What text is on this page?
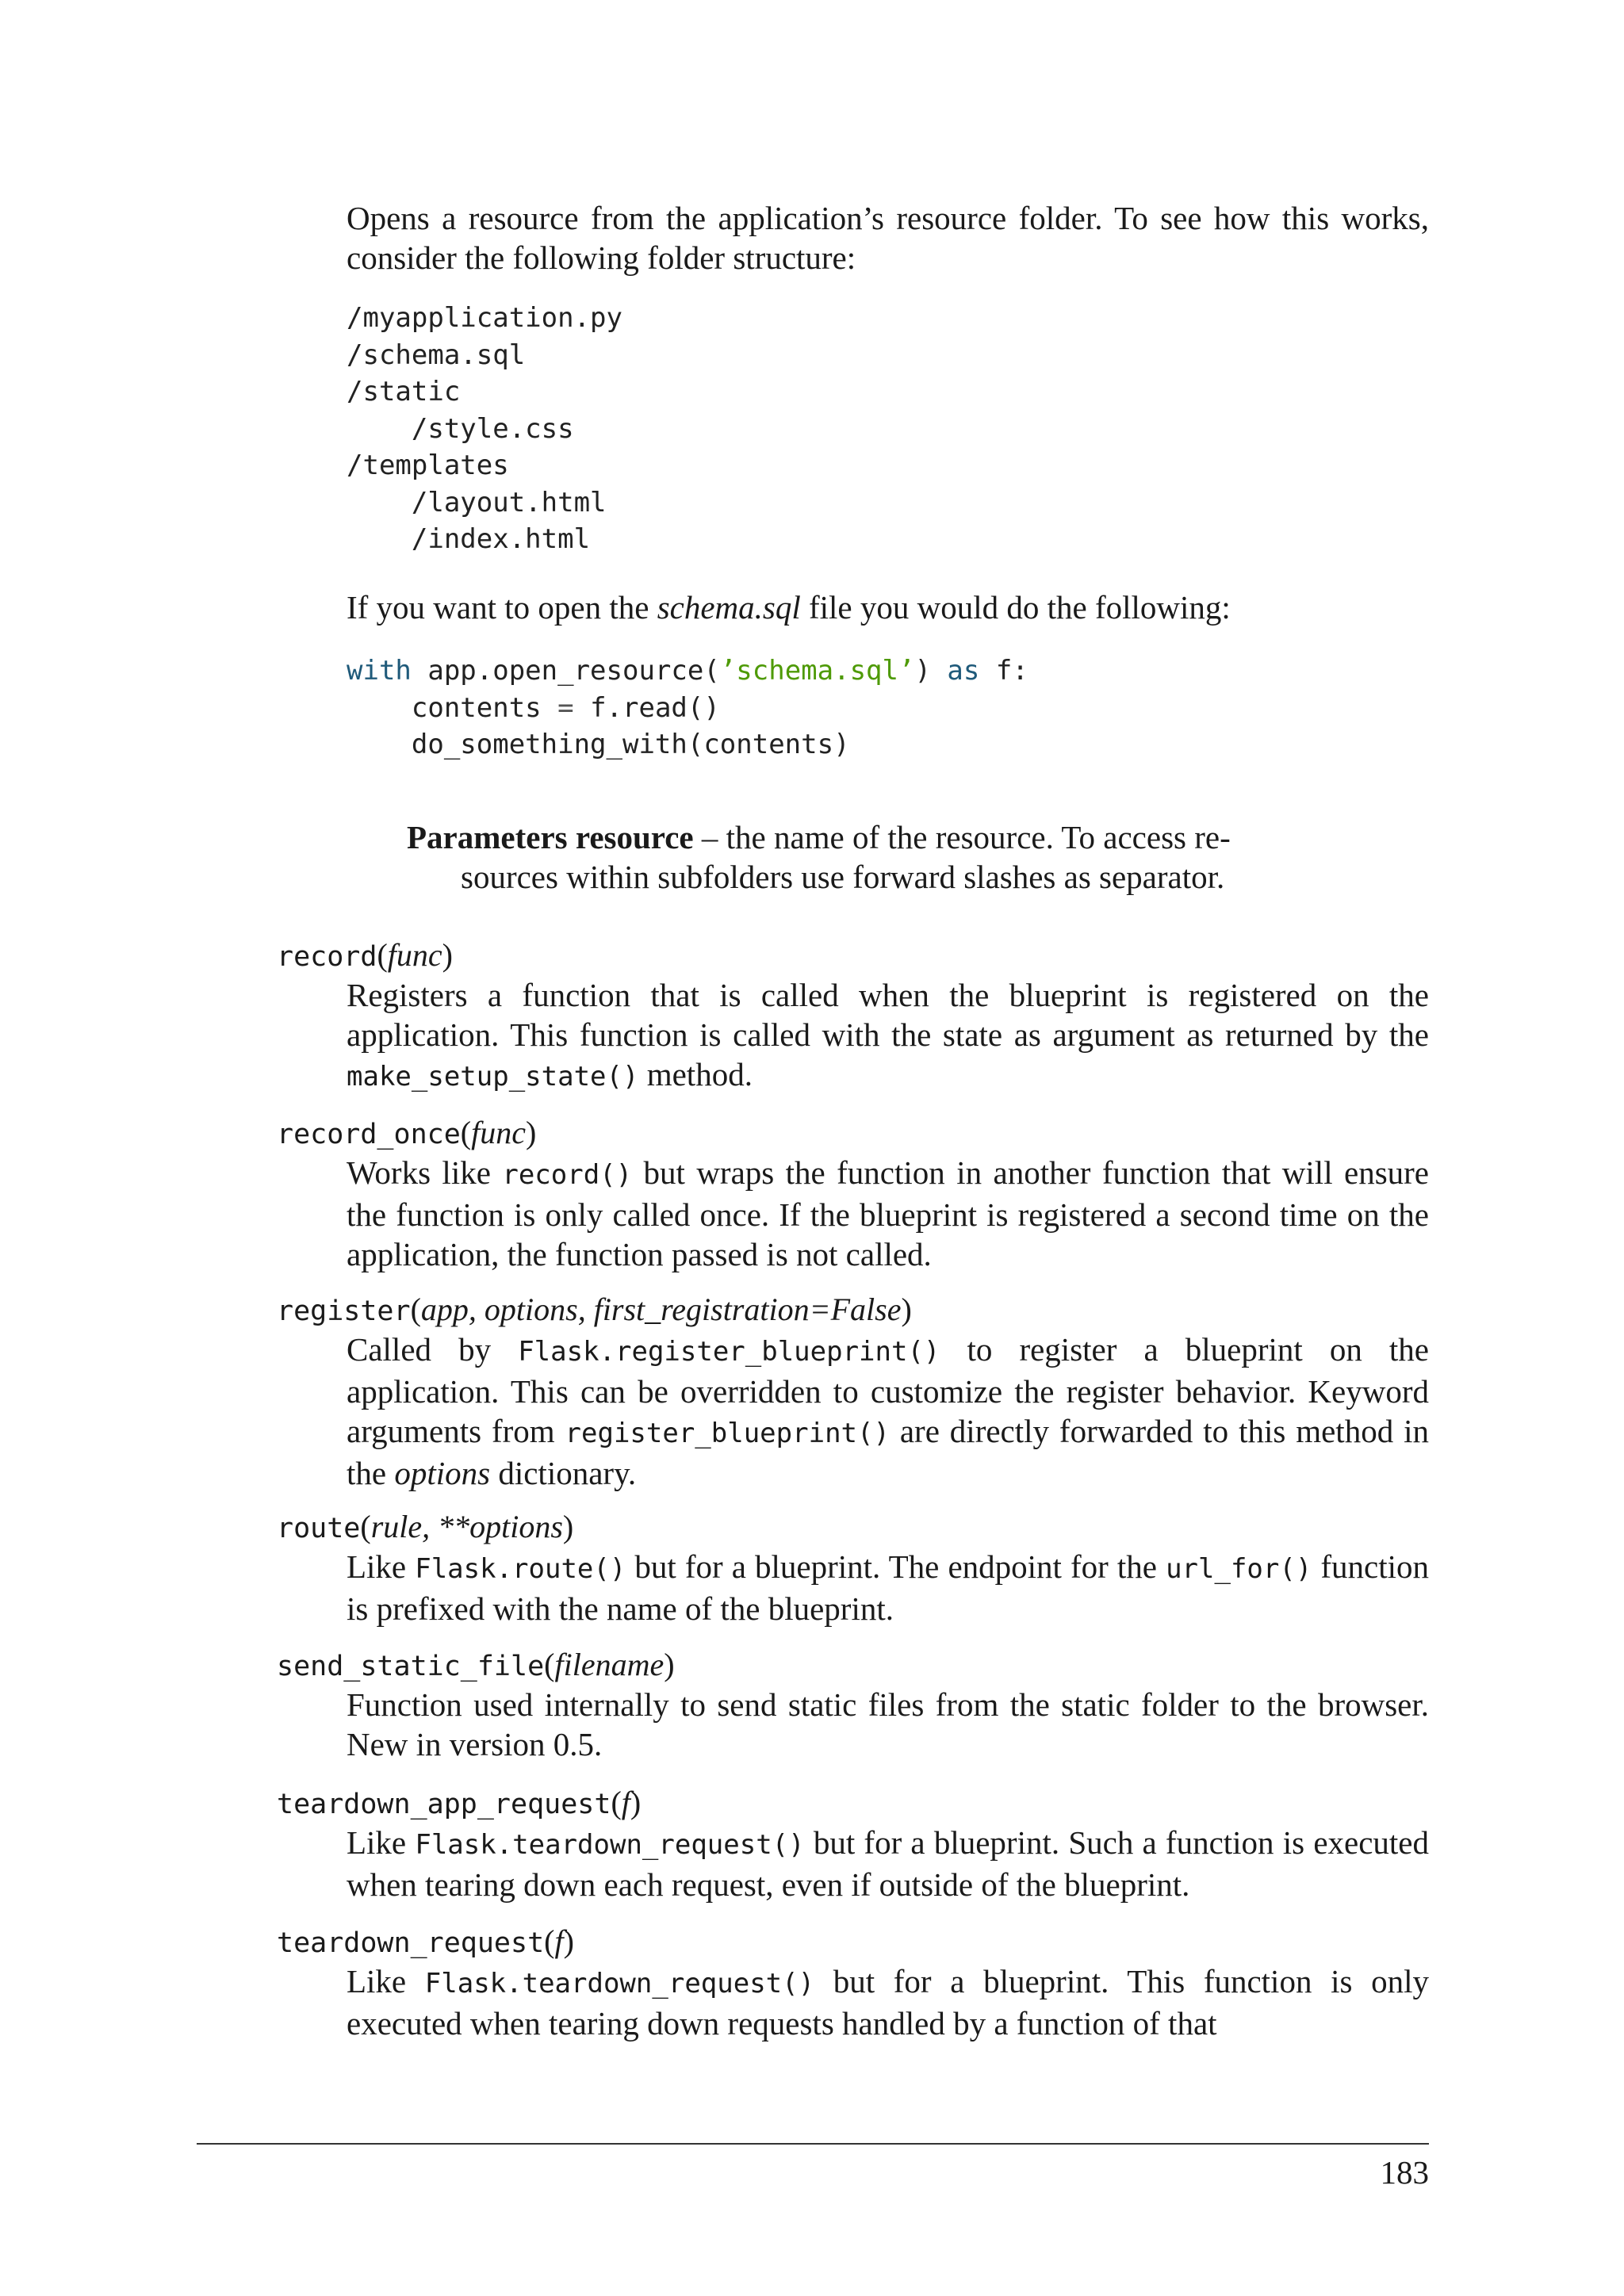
Opens a resource from the application’s resource folder. To see how this works, consider the following folder structure:

/myapplication.py
/schema.sql
/static
/style.css
/templates
/layout.html
/index.html

If you want to open the schema.sql file you would do the following:

with app.open_resource(’schema.sql’) as f:
contents = f.read()
do_something_with(contents)

Parameters resource – the name of the resource. To access re-
sources within subfolders use forward slashes as separator.

record(func)

Registers a function that is called when the blueprint is registered on the application. This function is called with the state as argument as returned by the make_setup_state() method.

record_once(func)

Works like record() but wraps the function in another function that will ensure the function is only called once. If the blueprint is registered a second time on the application, the function passed is not called.

register(app, options, first_registration=False)

Called by Flask.register_blueprint() to register a blueprint on the application. This can be overridden to customize the register behavior. Keyword arguments from register_blueprint() are directly forwarded to this method in the options dictionary.

route(rule, **options)

Like Flask.route() but for a blueprint. The endpoint for the url_for() function is prefixed with the name of the blueprint.

send_static_file(filename)

Function used internally to send static files from the static folder to the browser. New in version 0.5.

teardown_app_request(f)

Like Flask.teardown_request() but for a blueprint. Such a function is executed when tearing down each request, even if outside of the blueprint.

teardown_request(f)

Like Flask.teardown_request() but for a blueprint. This function is only executed when tearing down requests handled by a function of that

183
